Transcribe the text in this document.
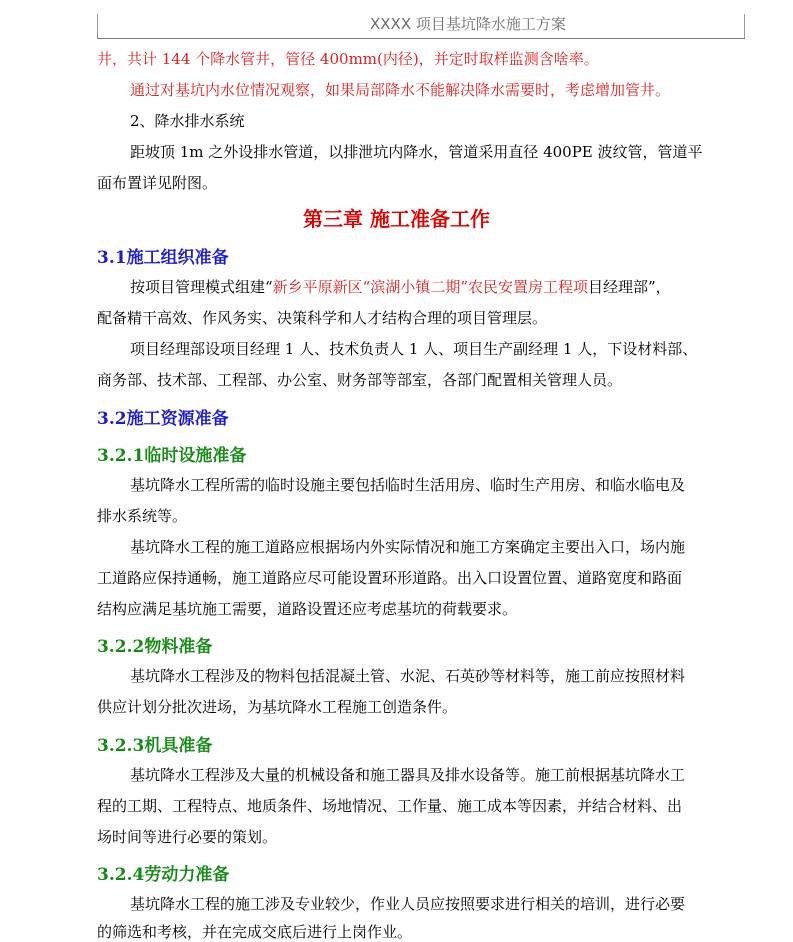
XXXX 项目基坑降水施工方案
井，共计 144 个降水管井，管径 400mm(内径)，并定时取样监测含啥率。
通过对基坑内水位情况观察，如果局部降水不能解决降水需要时，考虑增加管井。
2、降水排水系统
距坡顶 1m 之外设排水管道，以排泄坑内降水，管道采用直径 400PE 波纹管，管道平
面布置详见附图。
第三章 施工准备工作
3.1施工组织准备
按项目管理模式组建“新乡平原新区“滨湖小镇二期”农民安置房工程项目经理部”，
配备精干高效、作风务实、决策科学和人才结构合理的项目管理层。
项目经理部设项目经理 1 人、技术负责人 1 人、项目生产副经理 1 人，下设材料部、
商务部、技术部、工程部、办公室、财务部等部室，各部门配置相关管理人员。
3.2施工资源准备
3.2.1临时设施准备
基坑降水工程所需的临时设施主要包括临时生活用房、临时生产用房、和临水临电及
排水系统等。
基坑降水工程的施工道路应根据场内外实际情况和施工方案确定主要出入口，场内施
工道路应保持通畅，施工道路应尽可能设置环形道路。出入口设置位置、道路宽度和路面
结构应满足基坑施工需要，道路设置还应考虑基坑的荷载要求。
3.2.2物料准备
基坑降水工程涉及的物料包括混凝土管、水泥、石英砂等材料等，施工前应按照材料
供应计划分批次进场，为基坑降水工程施工创造条件。
3.2.3机具准备
基坑降水工程涉及大量的机械设备和施工器具及排水设备等。施工前根据基坑降水工
程的工期、工程特点、地质条件、场地情况、工作量、施工成本等因素，并结合材料、出
场时间等进行必要的策划。
3.2.4劳动力准备
基坑降水工程的施工涉及专业较少，作业人员应按照要求进行相关的培训，进行必要
的筛选和考核，并在完成交底后进行上岗作业。
